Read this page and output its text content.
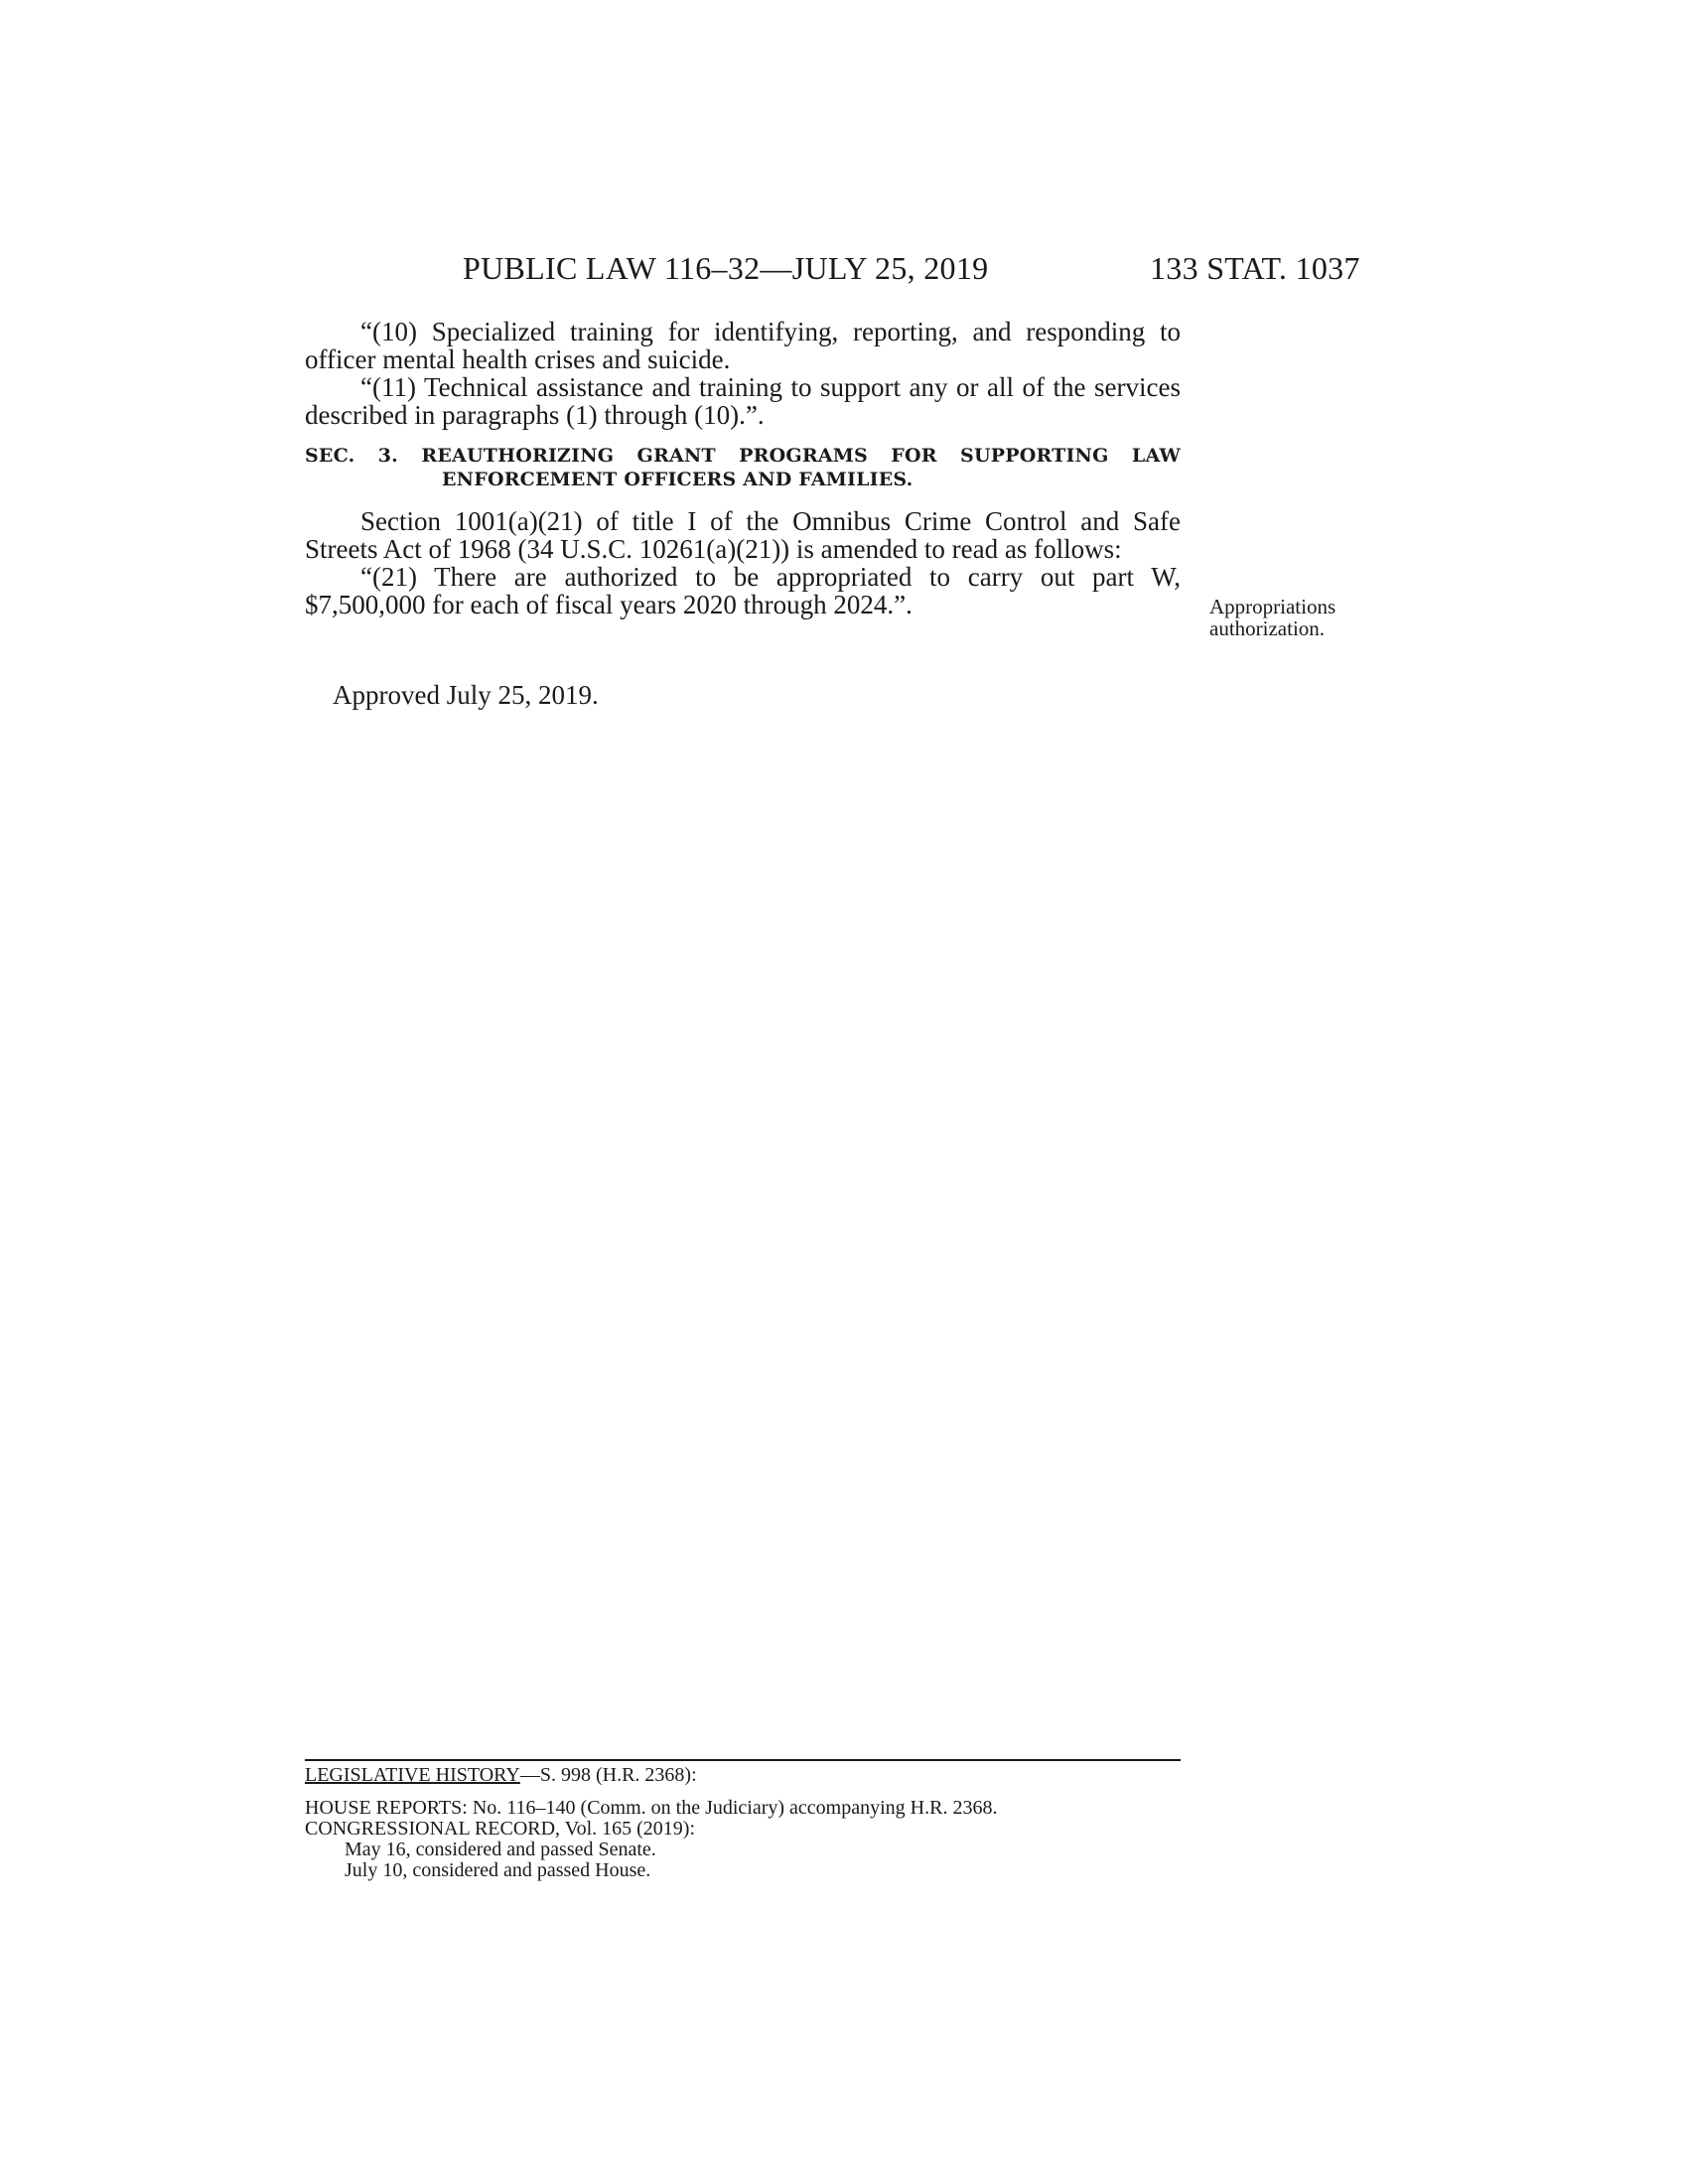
PUBLIC LAW 116–32—JULY 25, 2019	133 STAT. 1037

“(10) Specialized training for identifying, reporting, and responding to officer mental health crises and suicide.

“(11) Technical assistance and training to support any or all of the services described in paragraphs (1) through (10).”.

SEC. 3. REAUTHORIZING GRANT PROGRAMS FOR SUPPORTING LAW
ENFORCEMENT OFFICERS AND FAMILIES.

Section 1001(a)(21) of title I of the Omnibus Crime Control and Safe Streets Act of 1968 (34 U.S.C. 10261(a)(21)) is amended to read as follows:

“(21) There are authorized to be appropriated to carry out part W, $7,500,000 for each of fiscal years 2020 through 2024.”.	Appropriations
authorization.
Approved July 25, 2019.
LEGISLATIVE HISTORY—S. 998 (H.R. 2368):
HOUSE REPORTS: No. 116–140 (Comm. on the Judiciary) accompanying H.R. 2368.
CONGRESSIONAL RECORD, Vol. 165 (2019):
May 16, considered and passed Senate.
July 10, considered and passed House.
